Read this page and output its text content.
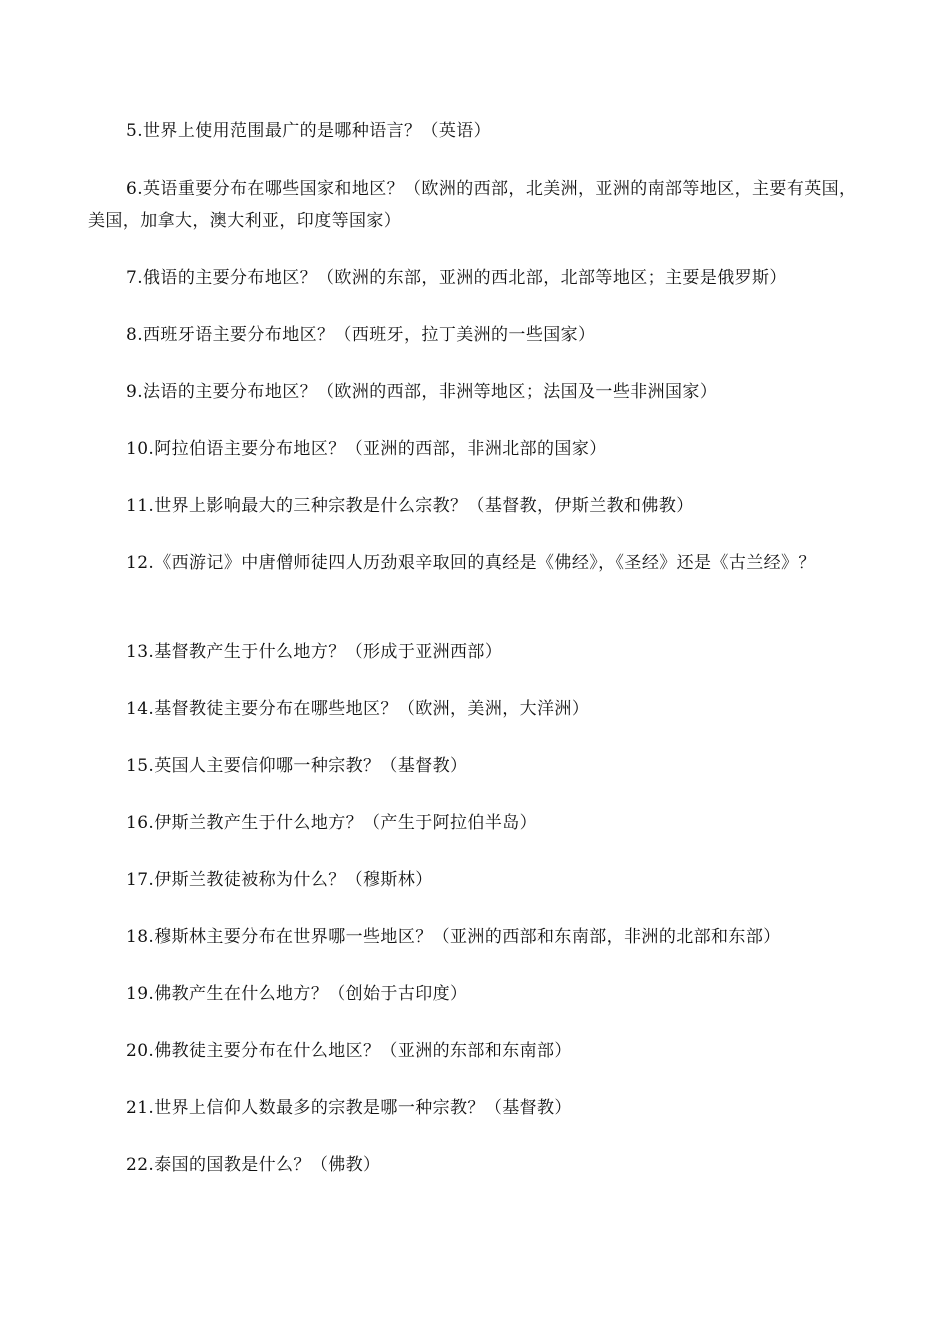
5.世界上使用范围最广的是哪种语言？（英语）

6.英语重要分布在哪些国家和地区？（欧洲的西部，北美洲，亚洲的南部等地区，主要有英国，美国，加拿大，澳大利亚，印度等国家）

7.俄语的主要分布地区？（欧洲的东部，亚洲的西北部，北部等地区；主要是俄罗斯）

8.西班牙语主要分布地区？（西班牙，拉丁美洲的一些国家）

9.法语的主要分布地区？（欧洲的西部，非洲等地区；法国及一些非洲国家）

10.阿拉伯语主要分布地区？（亚洲的西部，非洲北部的国家）

11.世界上影响最大的三种宗教是什么宗教？（基督教，伊斯兰教和佛教）

12.《西游记》中唐僧师徒四人历劲艰辛取回的真经是《佛经》，《圣经》还是《古兰经》？

13.基督教产生于什么地方？（形成于亚洲西部）

14.基督教徒主要分布在哪些地区？（欧洲，美洲，大洋洲）

15.英国人主要信仰哪一种宗教？（基督教）

16.伊斯兰教产生于什么地方？（产生于阿拉伯半岛）

17.伊斯兰教徒被称为什么？（穆斯林）

18.穆斯林主要分布在世界哪一些地区？（亚洲的西部和东南部，非洲的北部和东部）

19.佛教产生在什么地方？（创始于古印度）

20.佛教徒主要分布在什么地区？（亚洲的东部和东南部）

21.世界上信仰人数最多的宗教是哪一种宗教？（基督教）

22.泰国的国教是什么？（佛教）
